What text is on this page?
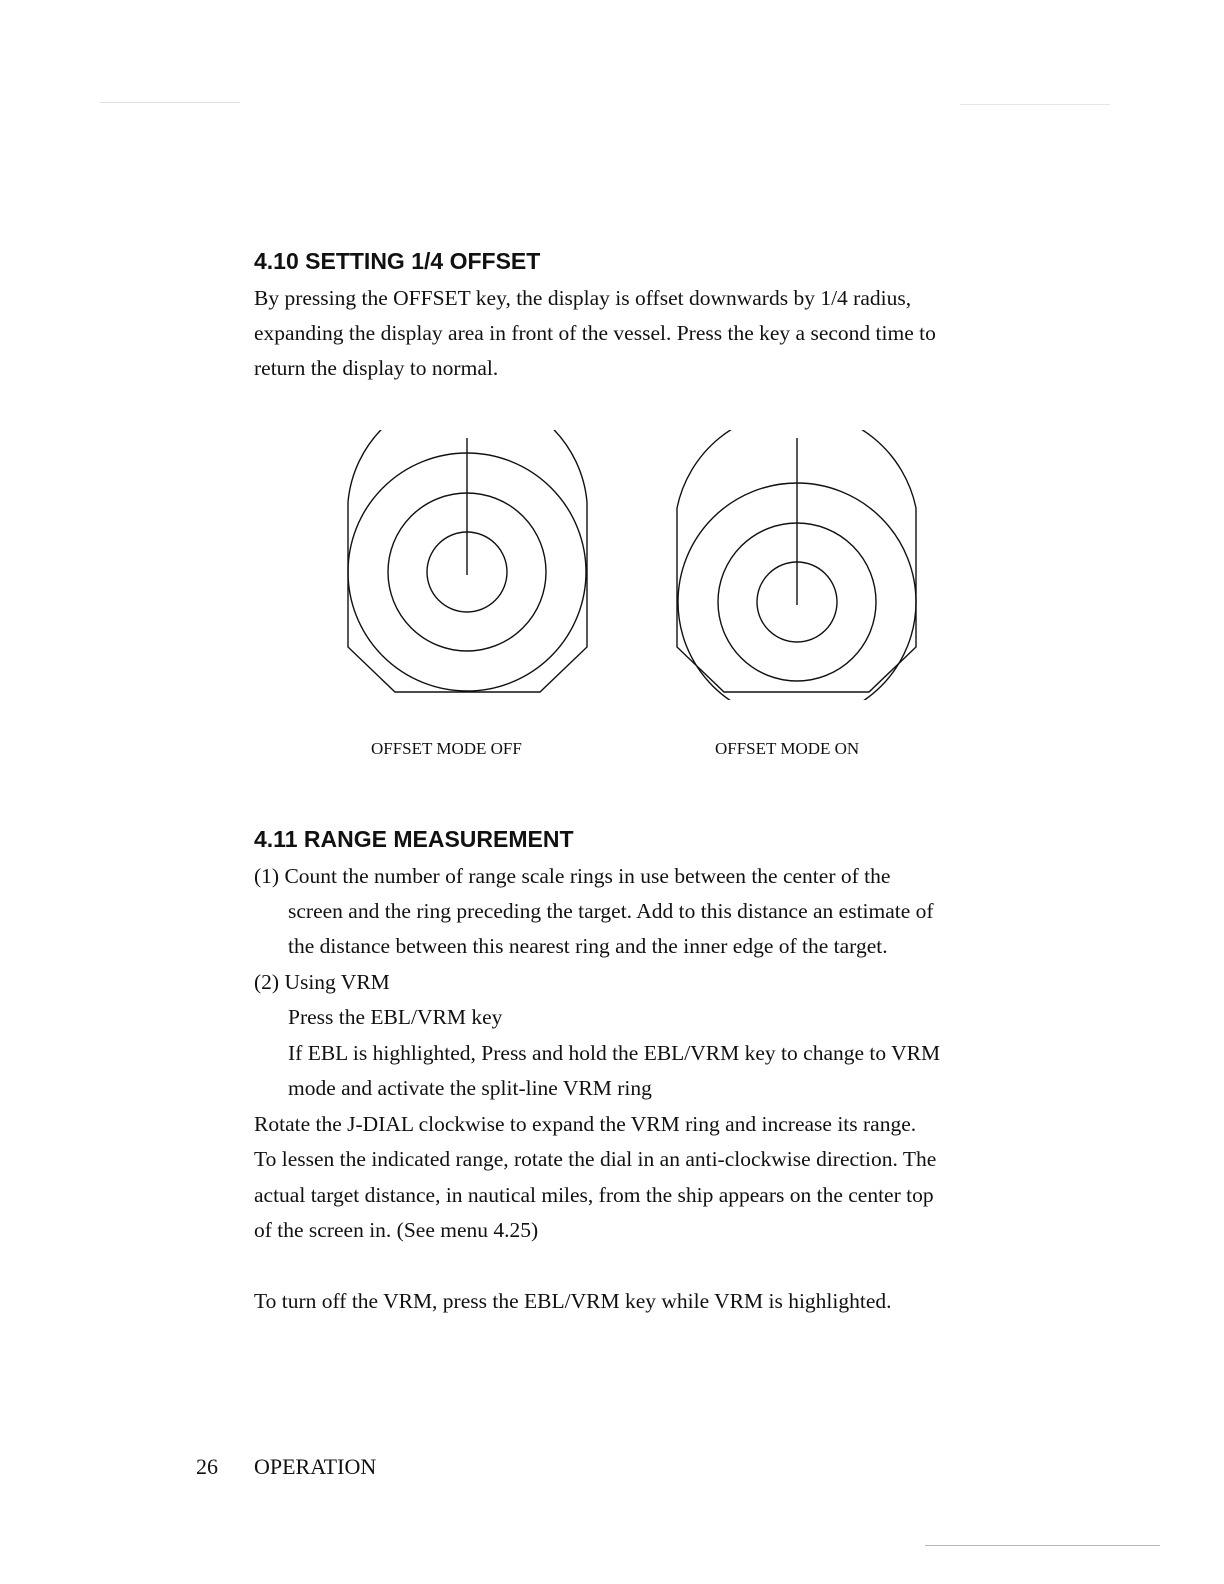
4.10 SETTING 1/4 OFFSET
By pressing the OFFSET key, the display is offset downwards by 1/4 radius,
expanding the display area in front of the vessel. Press the key a second time to
return the display to normal.
OFFSET MODE OFF	OFFSET MODE ON
4.11 RANGE MEASUREMENT
(1) Count the number of range scale rings in use between the center of the
screen and the ring preceding the target. Add to this distance an estimate of
the distance between this nearest ring and the inner edge of the target.
(2) Using VRM
Press the EBL/VRM key
If EBL is highlighted, Press and hold the EBL/VRM key to change to VRM
mode and activate the split-line VRM ring
Rotate the J-DIAL clockwise to expand the VRM ring and increase its range.
To lessen the indicated range, rotate the dial in an anti-clockwise direction. The
actual target distance, in nautical miles, from the ship appears on the center top
of the screen in. (See menu 4.25)
To turn off the VRM, press the EBL/VRM key while VRM is highlighted.
26 OPERATION
